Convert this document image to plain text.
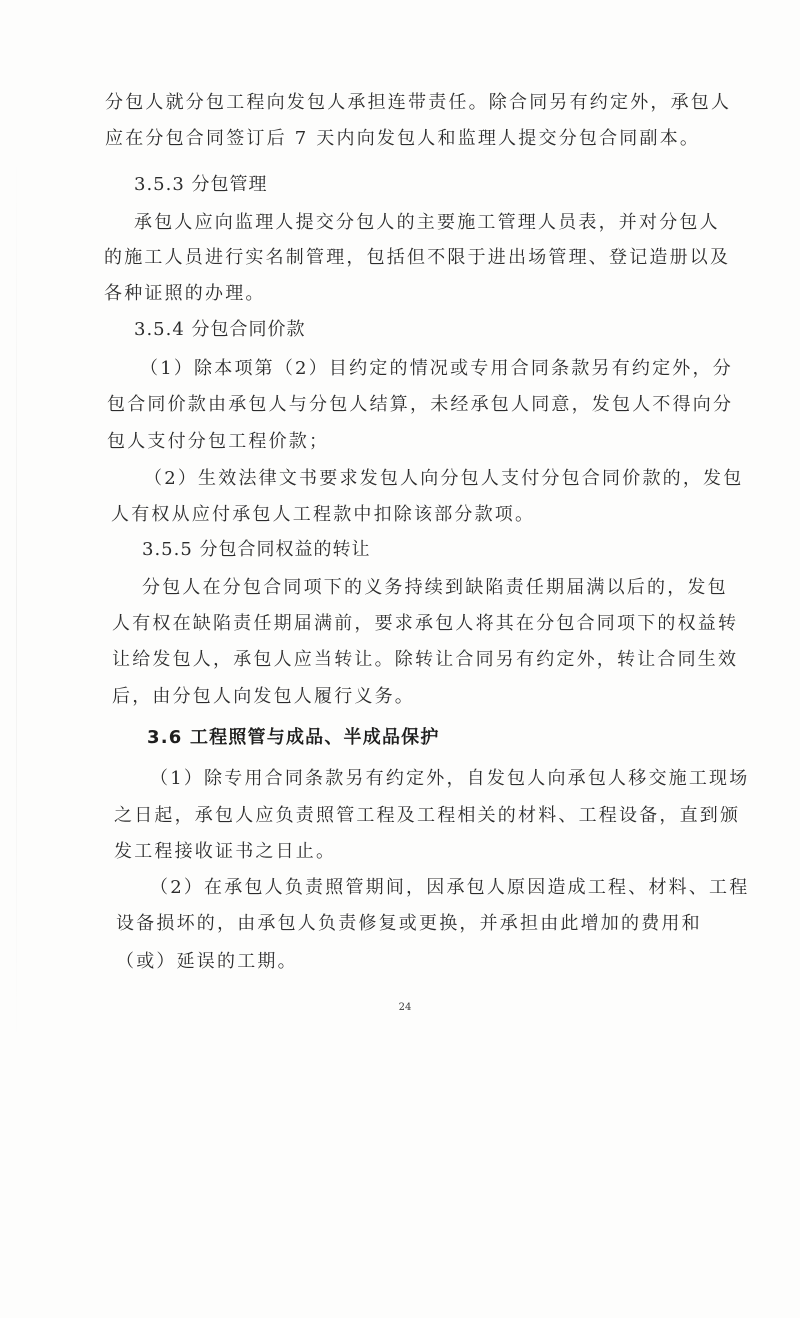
分包人就分包工程向发包人承担连带责任。除合同另有约定外，承包人
应在分包合同签订后 7 天内向发包人和监理人提交分包合同副本。
3.5.3 分包管理
承包人应向监理人提交分包人的主要施工管理人员表，并对分包人
的施工人员进行实名制管理，包括但不限于进出场管理、登记造册以及
各种证照的办理。
3.5.4 分包合同价款
（1）除本项第（2）目约定的情况或专用合同条款另有约定外，分
包合同价款由承包人与分包人结算，未经承包人同意，发包人不得向分
包人支付分包工程价款；
（2）生效法律文书要求发包人向分包人支付分包合同价款的，发包
人有权从应付承包人工程款中扣除该部分款项。
3.5.5 分包合同权益的转让
分包人在分包合同项下的义务持续到缺陷责任期届满以后的，发包
人有权在缺陷责任期届满前，要求承包人将其在分包合同项下的权益转
让给发包人，承包人应当转让。除转让合同另有约定外，转让合同生效
后，由分包人向发包人履行义务。
3.6 工程照管与成品、半成品保护
（1）除专用合同条款另有约定外，自发包人向承包人移交施工现场
之日起，承包人应负责照管工程及工程相关的材料、工程设备，直到颁
发工程接收证书之日止。
（2）在承包人负责照管期间，因承包人原因造成工程、材料、工程
设备损坏的，由承包人负责修复或更换，并承担由此增加的费用和
（或）延误的工期。
24
